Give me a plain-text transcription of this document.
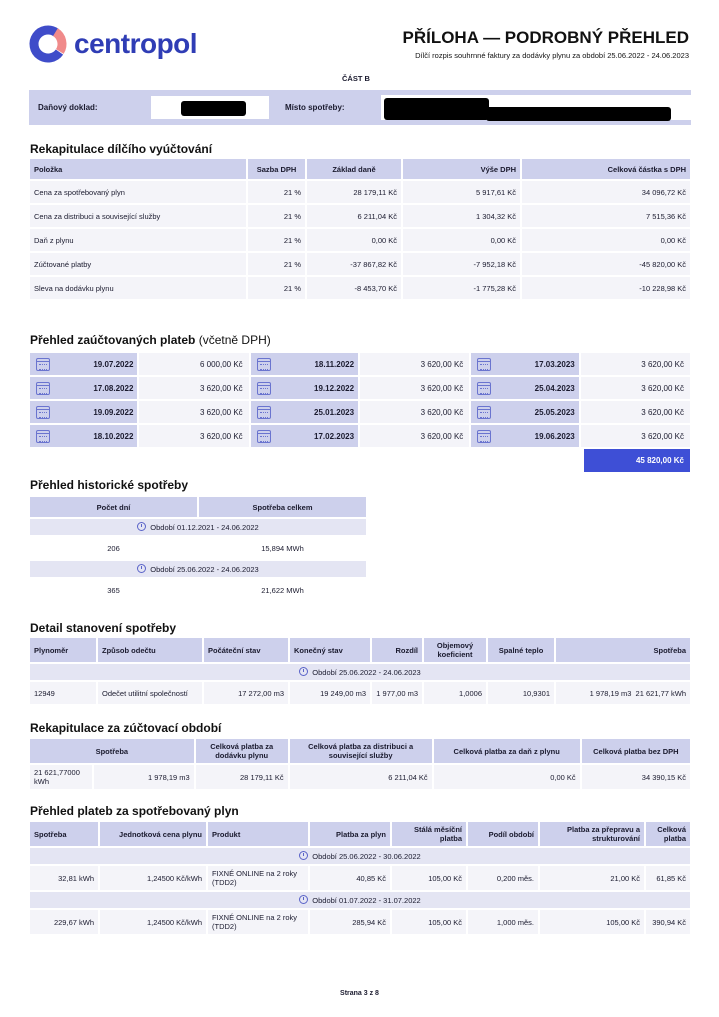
centropol	PŘÍLOHA — PODROBNÝ PŘEHLED
Dílčí rozpis souhrnné faktury za dodávky plynu za období 25.06.2022 - 24.06.2023
ČÁST B
Daňový doklad:	Místo spotřeby:
Rekapitulace dílčího vyúčtování
Položka	Sazba DPH	Základ daně	Výše DPH	Celková částka s DPH
Cena za spotřebovaný plyn	21 %	28 179,11 Kč	5 917,61 Kč	34 096,72 Kč
Cena za distribuci a související služby	21 %	6 211,04 Kč	1 304,32 Kč	7 515,36 Kč
Daň z plynu	21 %	0,00 Kč	0,00 Kč	0,00 Kč
Zúčtované platby	21 %	-37 867,82 Kč	-7 952,18 Kč	-45 820,00 Kč
Sleva na dodávku plynu	21 %	-8 453,70 Kč	-1 775,28 Kč	-10 228,98 Kč
Přehled zaúčtovaných plateb (včetně DPH)
19.07.2022	6 000,00 Kč	18.11.2022	3 620,00 Kč	17.03.2023	3 620,00 Kč
17.08.2022	3 620,00 Kč	19.12.2022	3 620,00 Kč	25.04.2023	3 620,00 Kč
19.09.2022	3 620,00 Kč	25.01.2023	3 620,00 Kč	25.05.2023	3 620,00 Kč
18.10.2022	3 620,00 Kč	17.02.2023	3 620,00 Kč	19.06.2023	3 620,00 Kč
45 820,00 Kč
Přehled historické spotřeby
Počet dní	Spotřeba celkem
Období 01.12.2021 - 24.06.2022	
206	15,894 MWh
Období 25.06.2022 - 24.06.2023	
365	21,622 MWh
Detail stanovení spotřeby
Plynoměr	Způsob odečtu	Počáteční stav	Konečný stav	Rozdíl	Objemový koeficient	Spalné teplo	Spotřeba
Období 25.06.2022 - 24.06.2023							
12949	Odečet utilitní společností	17 272,00 m3	19 249,00 m3	1 977,00 m3	1,0006	10,9301	1 978,19 m3 21 621,77 kWh
Rekapitulace za zúčtovací období
Spotřeba		Celková platba za dodávku plynu	Celková platba za distribuci a související služby	Celková platba za daň z plynu	Celková platba bez DPH
21 621,77000 kWh	1 978,19 m3	28 179,11 Kč	6 211,04 Kč	0,00 Kč	34 390,15 Kč
Přehled plateb za spotřebovaný plyn
Spotřeba	Jednotková cena plynu	Produkt	Platba za plyn	Stálá měsíční platba	Podíl období	Platba za přepravu a strukturování	Celková platba
Období 25.06.2022 - 30.06.2022							
32,81 kWh	1,24500 Kč/kWh	FIXNÉ ONLINE na 2 roky (TDD2)	40,85 Kč	105,00 Kč	0,200 měs.	21,00 Kč	61,85 Kč
Období 01.07.2022 - 31.07.2022							
229,67 kWh	1,24500 Kč/kWh	FIXNÉ ONLINE na 2 roky (TDD2)	285,94 Kč	105,00 Kč	1,000 měs.	105,00 Kč	390,94 Kč
Strana 3 z 8
